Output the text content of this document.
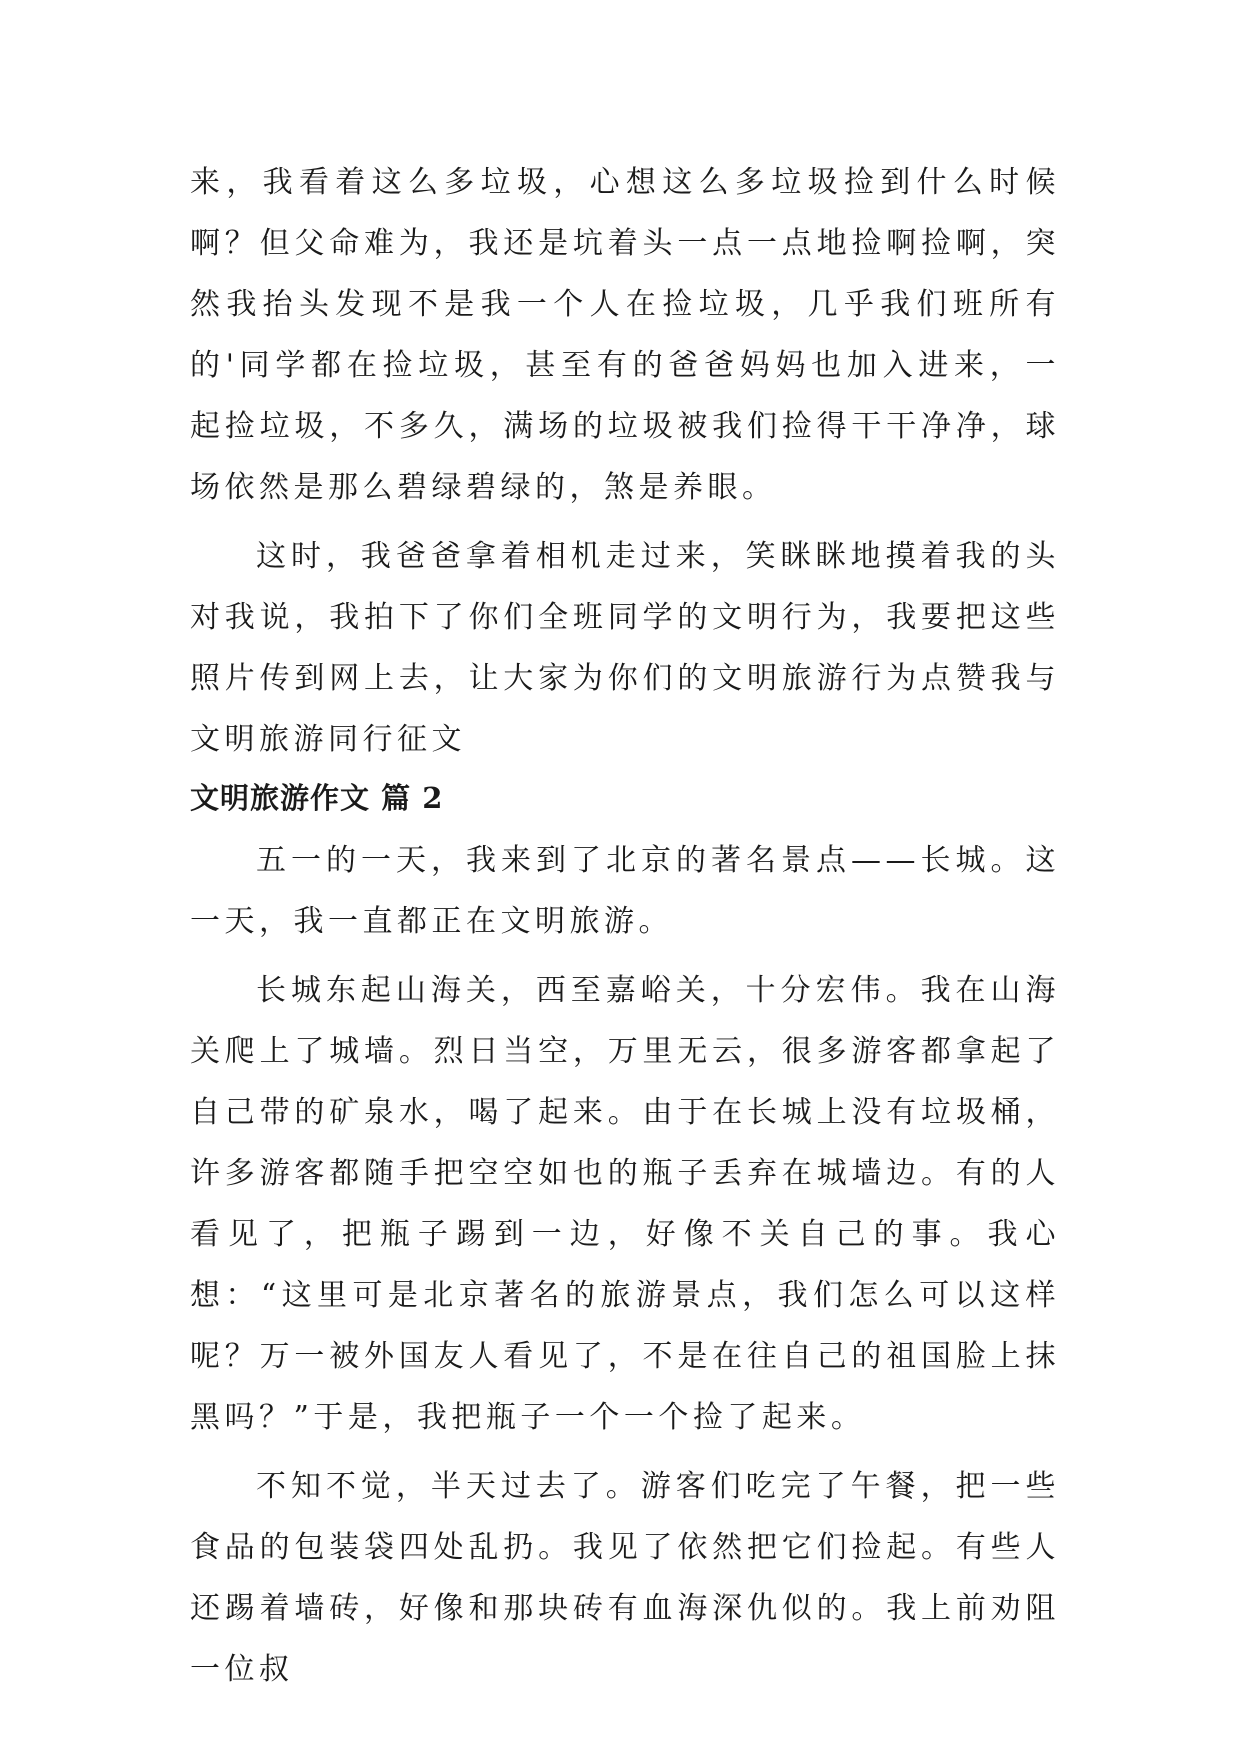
来，我看着这么多垃圾，心想这么多垃圾捡到什么时候啊？但父命难为，我还是坑着头一点一点地捡啊捡啊，突然我抬头发现不是我一个人在捡垃圾，几乎我们班所有的'同学都在捡垃圾，甚至有的爸爸妈妈也加入进来，一起捡垃圾，不多久，满场的垃圾被我们捡得干干净净，球场依然是那么碧绿碧绿的，煞是养眼。

这时，我爸爸拿着相机走过来，笑眯眯地摸着我的头对我说，我拍下了你们全班同学的文明行为，我要把这些照片传到网上去，让大家为你们的文明旅游行为点赞我与文明旅游同行征文

文明旅游作文 篇 2

五一的一天，我来到了北京的著名景点——长城。这一天，我一直都正在文明旅游。

长城东起山海关，西至嘉峪关，十分宏伟。我在山海关爬上了城墙。烈日当空，万里无云，很多游客都拿起了自己带的矿泉水，喝了起来。由于在长城上没有垃圾桶，许多游客都随手把空空如也的瓶子丢弃在城墙边。有的人看见了，把瓶子踢到一边，好像不关自己的事。我心想：“这里可是北京著名的旅游景点，我们怎么可以这样呢？万一被外国友人看见了，不是在往自己的祖国脸上抹黑吗？”于是，我把瓶子一个一个捡了起来。

不知不觉，半天过去了。游客们吃完了午餐，把一些食品的包装袋四处乱扔。我见了依然把它们捡起。有些人还踢着墙砖，好像和那块砖有血海深仇似的。我上前劝阻一位叔
